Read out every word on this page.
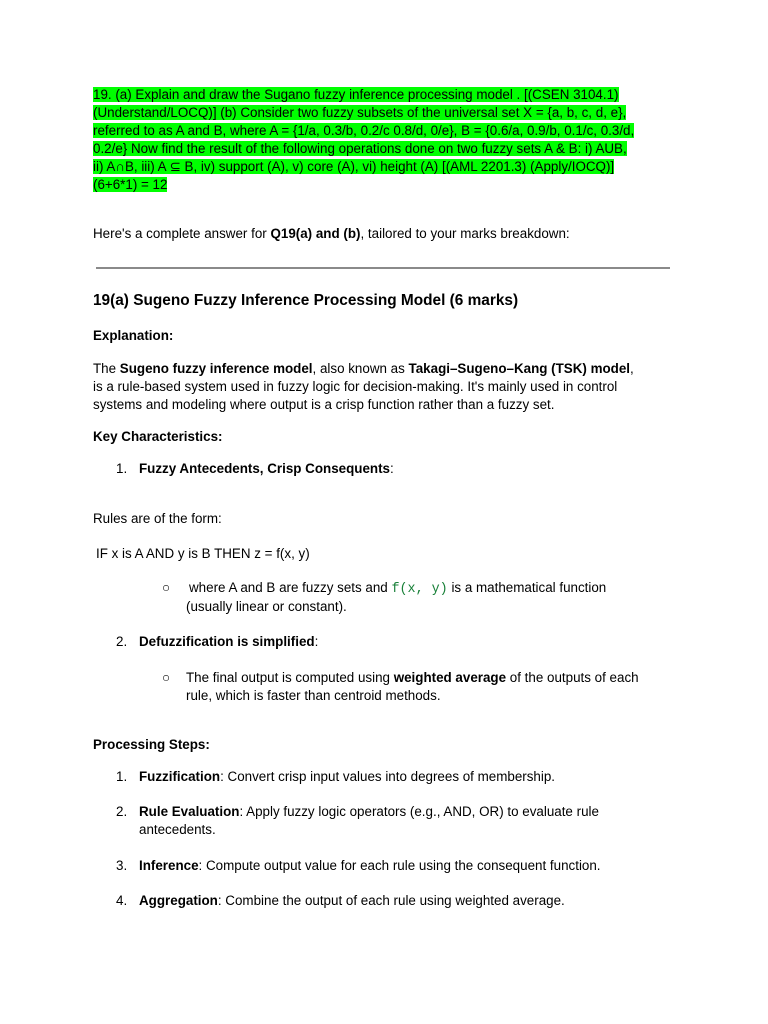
19. (a) Explain and draw the Sugano fuzzy inference processing model . [(CSEN 3104.1)
(Understand/LOCQ)] (b) Consider two fuzzy subsets of the universal set X = {a, b, c, d, e},
referred to as A and B, where A = {1/a, 0.3/b, 0.2/c 0.8/d, 0/e}, B = {0.6/a, 0.9/b, 0.1/c, 0.3/d,
0.2/e} Now find the result of the following operations done on two fuzzy sets A & B: i) AUB,
ii) A∩B, iii) A ⊆ B, iv) support (A), v) core (A), vi) height (A) [(AML 2201.3) (Apply/IOCQ)]
(6+6*1) = 12
Here's a complete answer for Q19(a) and (b), tailored to your marks breakdown:
19(a) Sugeno Fuzzy Inference Processing Model (6 marks)
Explanation:
The Sugeno fuzzy inference model, also known as Takagi–Sugeno–Kang (TSK) model,
is a rule-based system used in fuzzy logic for decision-making. It's mainly used in control
systems and modeling where output is a crisp function rather than a fuzzy set.
Key Characteristics:
1. Fuzzy Antecedents, Crisp Consequents:
Rules are of the form:
IF x is A AND y is B THEN z = f(x, y)
○ where A and B are fuzzy sets and f(x, y) is a mathematical function
(usually linear or constant).
2. Defuzzification is simplified:
○ The final output is computed using weighted average of the outputs of each
rule, which is faster than centroid methods.
Processing Steps:
1. Fuzzification: Convert crisp input values into degrees of membership.
2. Rule Evaluation: Apply fuzzy logic operators (e.g., AND, OR) to evaluate rule
antecedents.
3. Inference: Compute output value for each rule using the consequent function.
4. Aggregation: Combine the output of each rule using weighted average.
